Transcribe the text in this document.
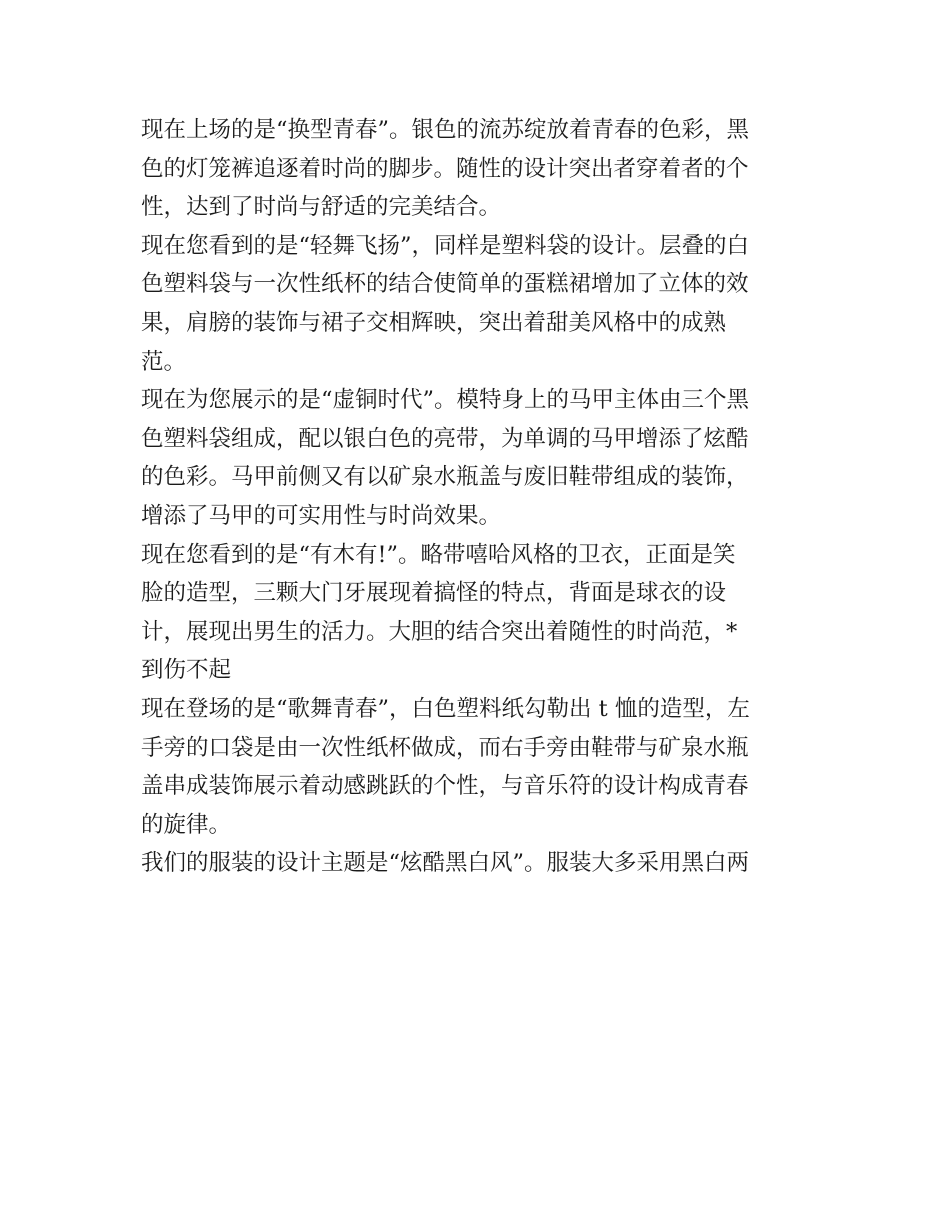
现在上场的是“换型青春”。银色的流苏绽放着青春的色彩，黑
色的灯笼裤追逐着时尚的脚步。随性的设计突出者穿着者的个
性，达到了时尚与舒适的完美结合。
现在您看到的是“轻舞飞扬”，同样是塑料袋的设计。层叠的白
色塑料袋与一次性纸杯的结合使简单的蛋糕裙增加了立体的效
果，肩膀的装饰与裙子交相辉映，突出着甜美风格中的成熟
范。
现在为您展示的是“虚铜时代”。模特身上的马甲主体由三个黑
色塑料袋组成，配以银白色的亮带，为单调的马甲增添了炫酷
的色彩。马甲前侧又有以矿泉水瓶盖与废旧鞋带组成的装饰，
增添了马甲的可实用性与时尚效果。
现在您看到的是“有木有!”。略带嘻哈风格的卫衣，正面是笑
脸的造型，三颗大门牙展现着搞怪的特点，背面是球衣的设
计，展现出男生的活力。大胆的结合突出着随性的时尚范，*
到伤不起
现在登场的是“歌舞青春”，白色塑料纸勾勒出 t 恤的造型，左
手旁的口袋是由一次性纸杯做成，而右手旁由鞋带与矿泉水瓶
盖串成装饰展示着动感跳跃的个性，与音乐符的设计构成青春
的旋律。
我们的服装的设计主题是“炫酷黑白风”。服装大多采用黑白两
